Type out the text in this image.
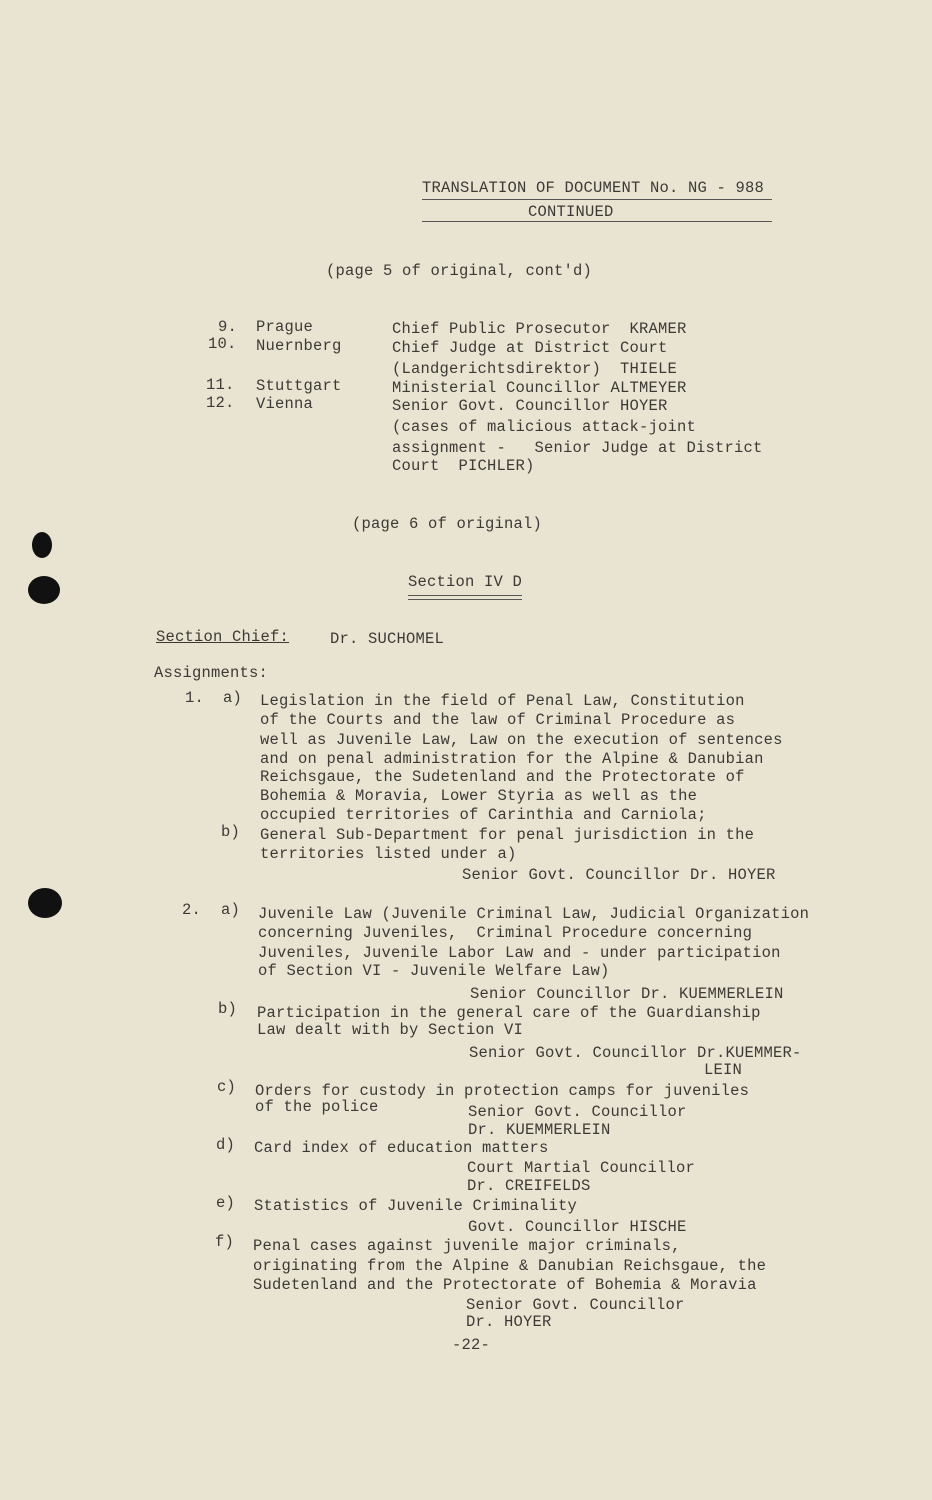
TRANSLATION OF DOCUMENT No. NG - 988
CONTINUED
(page 5 of original, cont'd)
9. Prague	Chief Public Prosecutor  KRAMER
10. Nuernberg	Chief Judge at District Court
(Landgerichtsdirektor)  THIELE
11. Stuttgart	Ministerial Councillor ALTMEYER
12. Vienna	Senior Govt. Councillor HOYER
(cases of malicious attack-joint
assignment -   Senior Judge at District
Court  PICHLER)
(page 6 of original)
Section IV D
Section Chief:	Dr. SUCHOMEL
Assignments:
1. a) Legislation in the field of Penal Law, Constitution
of the Courts and the law of Criminal Procedure as
well as Juvenile Law, Law on the execution of sentences
and on penal administration for the Alpine & Danubian
Reichsgaue, the Sudetenland and the Protectorate of
Bohemia & Moravia, Lower Styria as well as the
occupied territories of Carinthia and Carniola;
b) General Sub-Department for penal jurisdiction in the
territories listed under a)
Senior Govt. Councillor Dr. HOYER
2. a) Juvenile Law (Juvenile Criminal Law, Judicial Organization
concerning Juveniles,  Criminal Procedure concerning
Juveniles, Juvenile Labor Law and - under participation
of Section VI - Juvenile Welfare Law)
Senior Councillor Dr. KUEMMERLEIN
b) Participation in the general care of the Guardianship
Law dealt with by Section VI
Senior Govt. Councillor Dr.KUEMMER-
LEIN
c) Orders for custody in protection camps for juveniles
of the police	Senior Govt. Councillor
Dr. KUEMMERLEIN
d) Card index of education matters
Court Martial Councillor
Dr. CREIFELDS
e) Statistics of Juvenile Criminality
Govt. Councillor HISCHE
f) Penal cases against juvenile major criminals,
originating from the Alpine & Danubian Reichsgaue, the
Sudetenland and the Protectorate of Bohemia & Moravia
Senior Govt. Councillor
Dr. HOYER
-22-
